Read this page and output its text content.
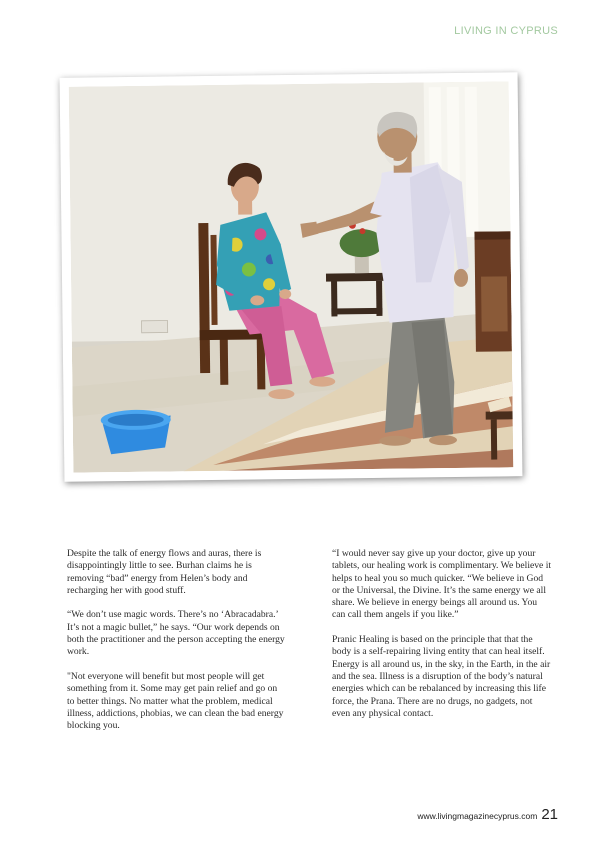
LIVING IN CYPRUS

Despite the talk of energy flows and auras, there is disappointingly little to see. Burhan claims he is removing “bad” energy from Helen’s body and recharging her with good stuff.

“We don’t use magic words. There’s no ‘Abracadabra.’ It’s not a magic bullet,” he says. “Our work depends on both the practitioner and the person accepting the energy work.

"Not everyone will benefit but most people will get something from it. Some may get pain relief and go on to better things. No matter what the problem, medical illness, addictions, phobias, we can clean the bad energy blocking you.

“I would never say give up your doctor, give up your tablets, our healing work is complimentary. We believe it helps to heal you so much quicker. “We believe in God or the Universal, the Divine. It’s the same energy we all share. We believe in energy beings all around us. You can call them angels if you like.”

Pranic Healing is based on the principle that that the body is a self-repairing living entity that can heal itself. Energy is all around us, in the sky, in the Earth, in the air and the sea. Illness is a disruption of the body’s natural energies which can be rebalanced by increasing this life force, the Prana. There are no drugs, no gadgets, not even any physical contact.

www.livingmagazinecyprus.com 21
